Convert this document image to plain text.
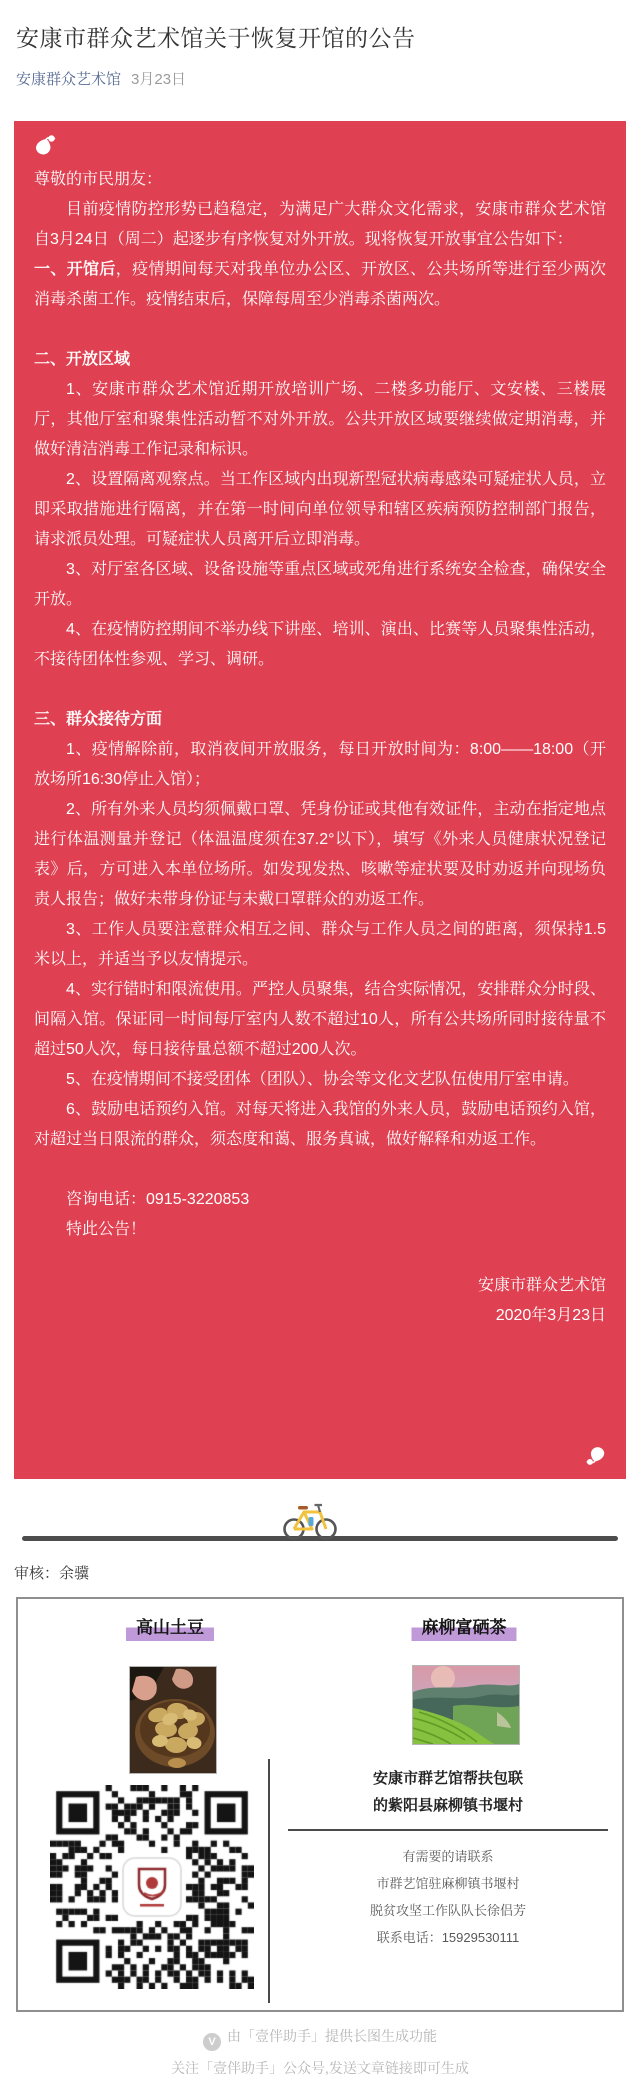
安康市群众艺术馆关于恢复开馆的公告
安康群众艺术馆 3月23日

尊敬的市民朋友：

目前疫情防控形势已趋稳定，为满足广大群众文化需求，安康市群众艺术馆自3月24日（周二）起逐步有序恢复对外开放。现将恢复开放事宜公告如下：

一、开馆后，疫情期间每天对我单位办公区、开放区、公共场所等进行至少两次消毒杀菌工作。疫情结束后，保障每周至少消毒杀菌两次。

二、开放区域

1、安康市群众艺术馆近期开放培训广场、二楼多功能厅、文安楼、三楼展厅，其他厅室和聚集性活动暂不对外开放。公共开放区域要继续做定期消毒，并做好清洁消毒工作记录和标识。

2、设置隔离观察点。当工作区域内出现新型冠状病毒感染可疑症状人员，立即采取措施进行隔离，并在第一时间向单位领导和辖区疾病预防控制部门报告，请求派员处理。可疑症状人员离开后立即消毒。

3、对厅室各区域、设备设施等重点区域或死角进行系统安全检查，确保安全开放。

4、在疫情防控期间不举办线下讲座、培训、演出、比赛等人员聚集性活动，不接待团体性参观、学习、调研。

三、群众接待方面

1、疫情解除前，取消夜间开放服务，每日开放时间为：8:00——18:00（开放场所16:30停止入馆）；

2、所有外来人员均须佩戴口罩、凭身份证或其他有效证件，主动在指定地点进行体温测量并登记（体温温度须在37.2°以下），填写《外来人员健康状况登记表》后，方可进入本单位场所。如发现发热、咳嗽等症状要及时劝返并向现场负责人报告；做好未带身份证与未戴口罩群众的劝返工作。

3、工作人员要注意群众相互之间、群众与工作人员之间的距离，须保持1.5米以上，并适当予以友情提示。

4、实行错时和限流使用。严控人员聚集，结合实际情况，安排群众分时段、间隔入馆。保证同一时间每厅室内人数不超过10人，所有公共场所同时接待量不超过50人次，每日接待量总额不超过200人次。

5、在疫情期间不接受团体（团队）、协会等文化文艺队伍使用厅室申请。

6、鼓励电话预约入馆。对每天将进入我馆的外来人员，鼓励电话预约入馆，对超过当日限流的群众，须态度和蔼、服务真诚，做好解释和劝返工作。

咨询电话：0915-3220853

特此公告！

安康市群众艺术馆

2020年3月23日

审核：余骥
高山土豆	麻柳富硒茶
安康市群艺馆帮扶包联
的紫阳县麻柳镇书堰村
有需要的请联系
市群艺馆驻麻柳镇书堰村
脱贫攻坚工作队队长徐侣芳
联系电话：15929530111
V 由「壹伴助手」提供长图生成功能
关注「壹伴助手」公众号,发送文章链接即可生成
